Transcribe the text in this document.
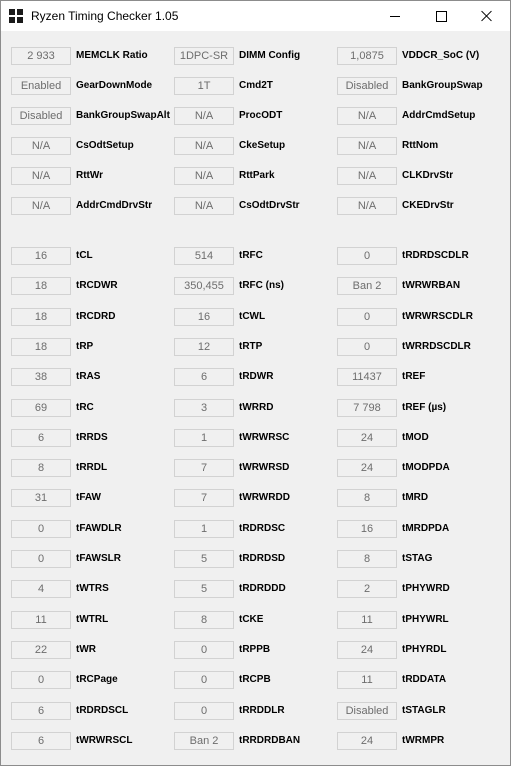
Ryzen Timing Checker 1.05
2 933	MEMCLK Ratio	1DPC-SR	DIMM Config	1,0875	VDDCR_SoC (V)
Enabled	GearDownMode	1T	Cmd2T	Disabled	BankGroupSwap
Disabled	BankGroupSwapAlt	N/A	ProcODT	N/A	AddrCmdSetup
N/A	CsOdtSetup	N/A	CkeSetup	N/A	RttNom
N/A	RttWr	N/A	RttPark	N/A	CLKDrvStr
N/A	AddrCmdDrvStr	N/A	CsOdtDrvStr	N/A	CKEDrvStr
16	tCL	514	tRFC	0	tRDRDSCDLR
18	tRCDWR	350,455	tRFC (ns)	Ban 2	tWRWRBAN
18	tRCDRD	16	tCWL	0	tWRWRSCDLR
18	tRP	12	tRTP	0	tWRRDSCDLR
38	tRAS	6	tRDWR	11437	tREF
69	tRC	3	tWRRD	7 798	tREF (µs)
6	tRRDS	1	tWRWRSC	24	tMOD
8	tRRDL	7	tWRWRSD	24	tMODPDA
31	tFAW	7	tWRWRDD	8	tMRD
0	tFAWDLR	1	tRDRDSC	16	tMRDPDA
0	tFAWSLR	5	tRDRDSD	8	tSTAG
4	tWTRS	5	tRDRDDD	2	tPHYWRD
11	tWTRL	8	tCKE	11	tPHYWRL
22	tWR	0	tRPPB	24	tPHYRDL
0	tRCPage	0	tRCPB	11	tRDDATA
6	tRDRDSCL	0	tRRDDLR	Disabled	tSTAGLR
6	tWRWRSCL	Ban 2	tRRDRDBAN	24	tWRMPR
